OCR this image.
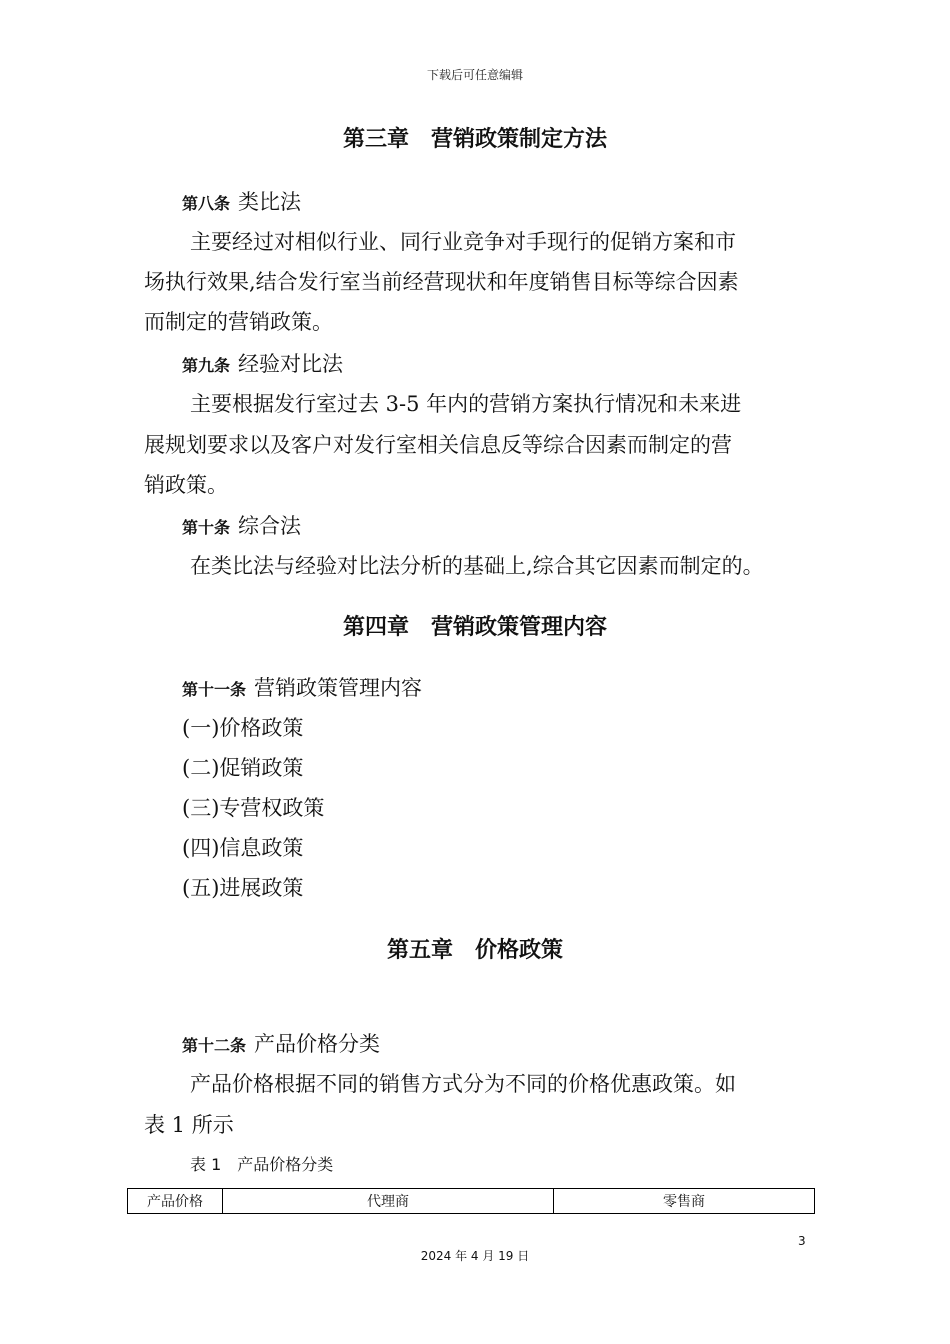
下载后可任意编辑
第三章　营销政策制定方法
第八条 类比法
主要经过对相似行业、同行业竞争对手现行的促销方案和市
场执行效果,结合发行室当前经营现状和年度销售目标等综合因素
而制定的营销政策。
第九条 经验对比法
主要根据发行室过去 3-5 年内的营销方案执行情况和未来进
展规划要求以及客户对发行室相关信息反等综合因素而制定的营
销政策。
第十条 综合法
在类比法与经验对比法分析的基础上,综合其它因素而制定的。
第四章　营销政策管理内容
第十一条 营销政策管理内容
(一)价格政策
(二)促销政策
(三)专营权政策
(四)信息政策
(五)进展政策
第五章　价格政策
第十二条 产品价格分类
产品价格根据不同的销售方式分为不同的价格优惠政策。如
表 1 所示
表 1　产品价格分类
产品价格	代理商	零售商
3
2024 年 4 月 19 日
